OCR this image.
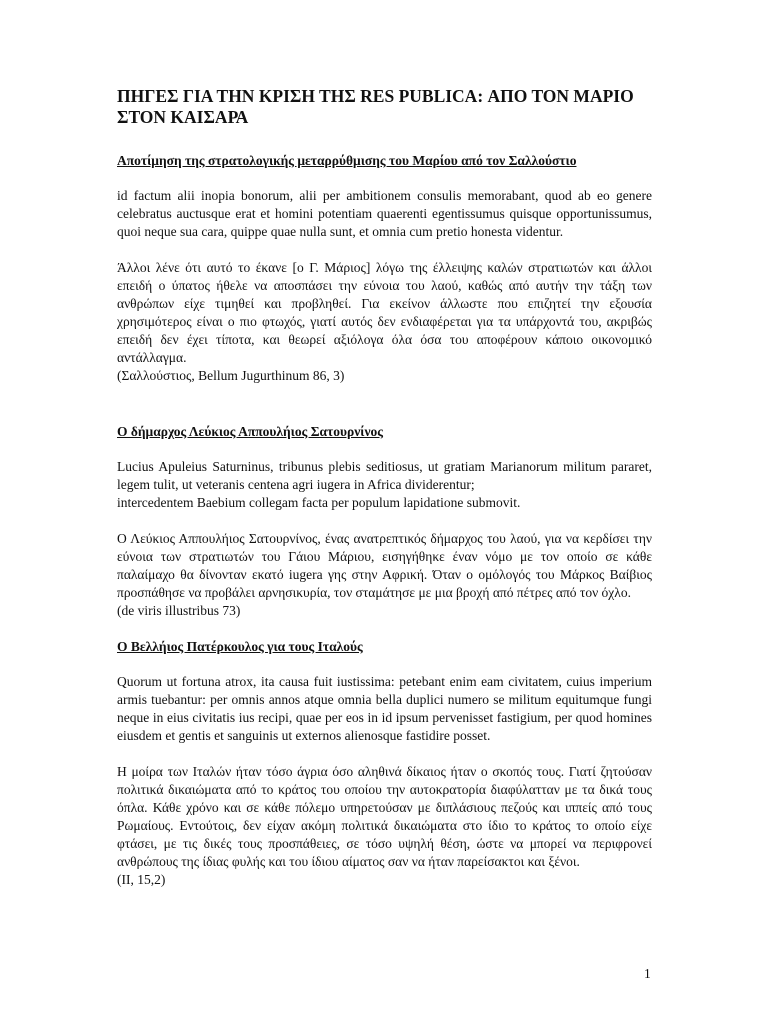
ΠΗΓΕΣ ΓΙΑ ΤΗΝ ΚΡΙΣΗ ΤΗΣ RES PUBLICA: ΑΠΟ ΤΟΝ ΜΑΡΙΟ ΣΤΟΝ ΚΑΙΣΑΡΑ
Αποτίμηση της στρατολογικής μεταρρύθμισης του Μαρίου από τον Σαλλούστιο

id factum alii inopia bonorum, alii per ambitionem consulis memorabant, quod ab eo genere celebratus auctusque erat et homini potentiam quaerenti egentissumus quisque opportunissumus, quoi neque sua cara, quippe quae nulla sunt, et omnia cum pretio honesta videntur.

Άλλοι λένε ότι αυτό το έκανε [ο Γ. Μάριος] λόγω της έλλειψης καλών στρατιωτών και άλλοι επειδή ο ύπατος ήθελε να αποσπάσει την εύνοια του λαού, καθώς από αυτήν την τάξη των ανθρώπων είχε τιμηθεί και προβληθεί. Για εκείνον άλλωστε που επιζητεί την εξουσία χρησιμότερος είναι ο πιο φτωχός, γιατί αυτός δεν ενδιαφέρεται για τα υπάρχοντά του, ακριβώς επειδή δεν έχει τίποτα, και θεωρεί αξιόλογα όλα όσα του αποφέρουν κάποιο οικονομικό αντάλλαγμα.

(Σαλλούστιος, Bellum Jugurthinum 86, 3)

Ο δήμαρχος Λεύκιος Αππουλήιος Σατουρνίνος

Lucius Apuleius Saturninus, tribunus plebis seditiosus, ut gratiam Marianorum militum pararet, legem tulit, ut veteranis centena agri iugera in Africa dividerentur;

intercedentem Baebium collegam facta per populum lapidatione submovit.

Ο Λεύκιος Αππουλήιος Σατουρνίνος, ένας ανατρεπτικός δήμαρχος του λαού, για να κερδίσει την εύνοια των στρατιωτών του Γάιου Μάριου, εισηγήθηκε έναν νόμο με τον οποίο σε κάθε παλαίμαχο θα δίνονταν εκατό iugera γης στην Αφρική. Όταν ο ομόλογός του Μάρκος Βαίβιος προσπάθησε να προβάλει αρνησικυρία, τον σταμάτησε με μια βροχή από πέτρες από τον όχλο.

(de viris illustribus 73)

Ο Βελλήιος Πατέρκουλος για τους Ιταλούς

Quorum ut fortuna atrox, ita causa fuit iustissima: petebant enim eam civitatem, cuius imperium armis tuebantur: per omnis annos atque omnia bella duplici numero se militum equitumque fungi neque in eius civitatis ius recipi, quae per eos in id ipsum pervenisset fastigium, per quod homines eiusdem et gentis et sanguinis ut externos alienosque fastidire posset.

Η μοίρα των Ιταλών ήταν τόσο άγρια όσο αληθινά δίκαιος ήταν ο σκοπός τους. Γιατί ζητούσαν πολιτικά δικαιώματα από το κράτος του οποίου την αυτοκρατορία διαφύλατταν με τα δικά τους όπλα. Κάθε χρόνο και σε κάθε πόλεμο υπηρετούσαν με διπλάσιους πεζούς και ιππείς από τους Ρωμαίους. Εντούτοις, δεν είχαν ακόμη πολιτικά δικαιώματα στο ίδιο το κράτος το οποίο είχε φτάσει, με τις δικές τους προσπάθειες, σε τόσο υψηλή θέση, ώστε να μπορεί να περιφρονεί ανθρώπους της ίδιας φυλής και του ίδιου αίματος σαν να ήταν παρείσακτοι και ξένοι.

(ΙΙ, 15,2)

1
